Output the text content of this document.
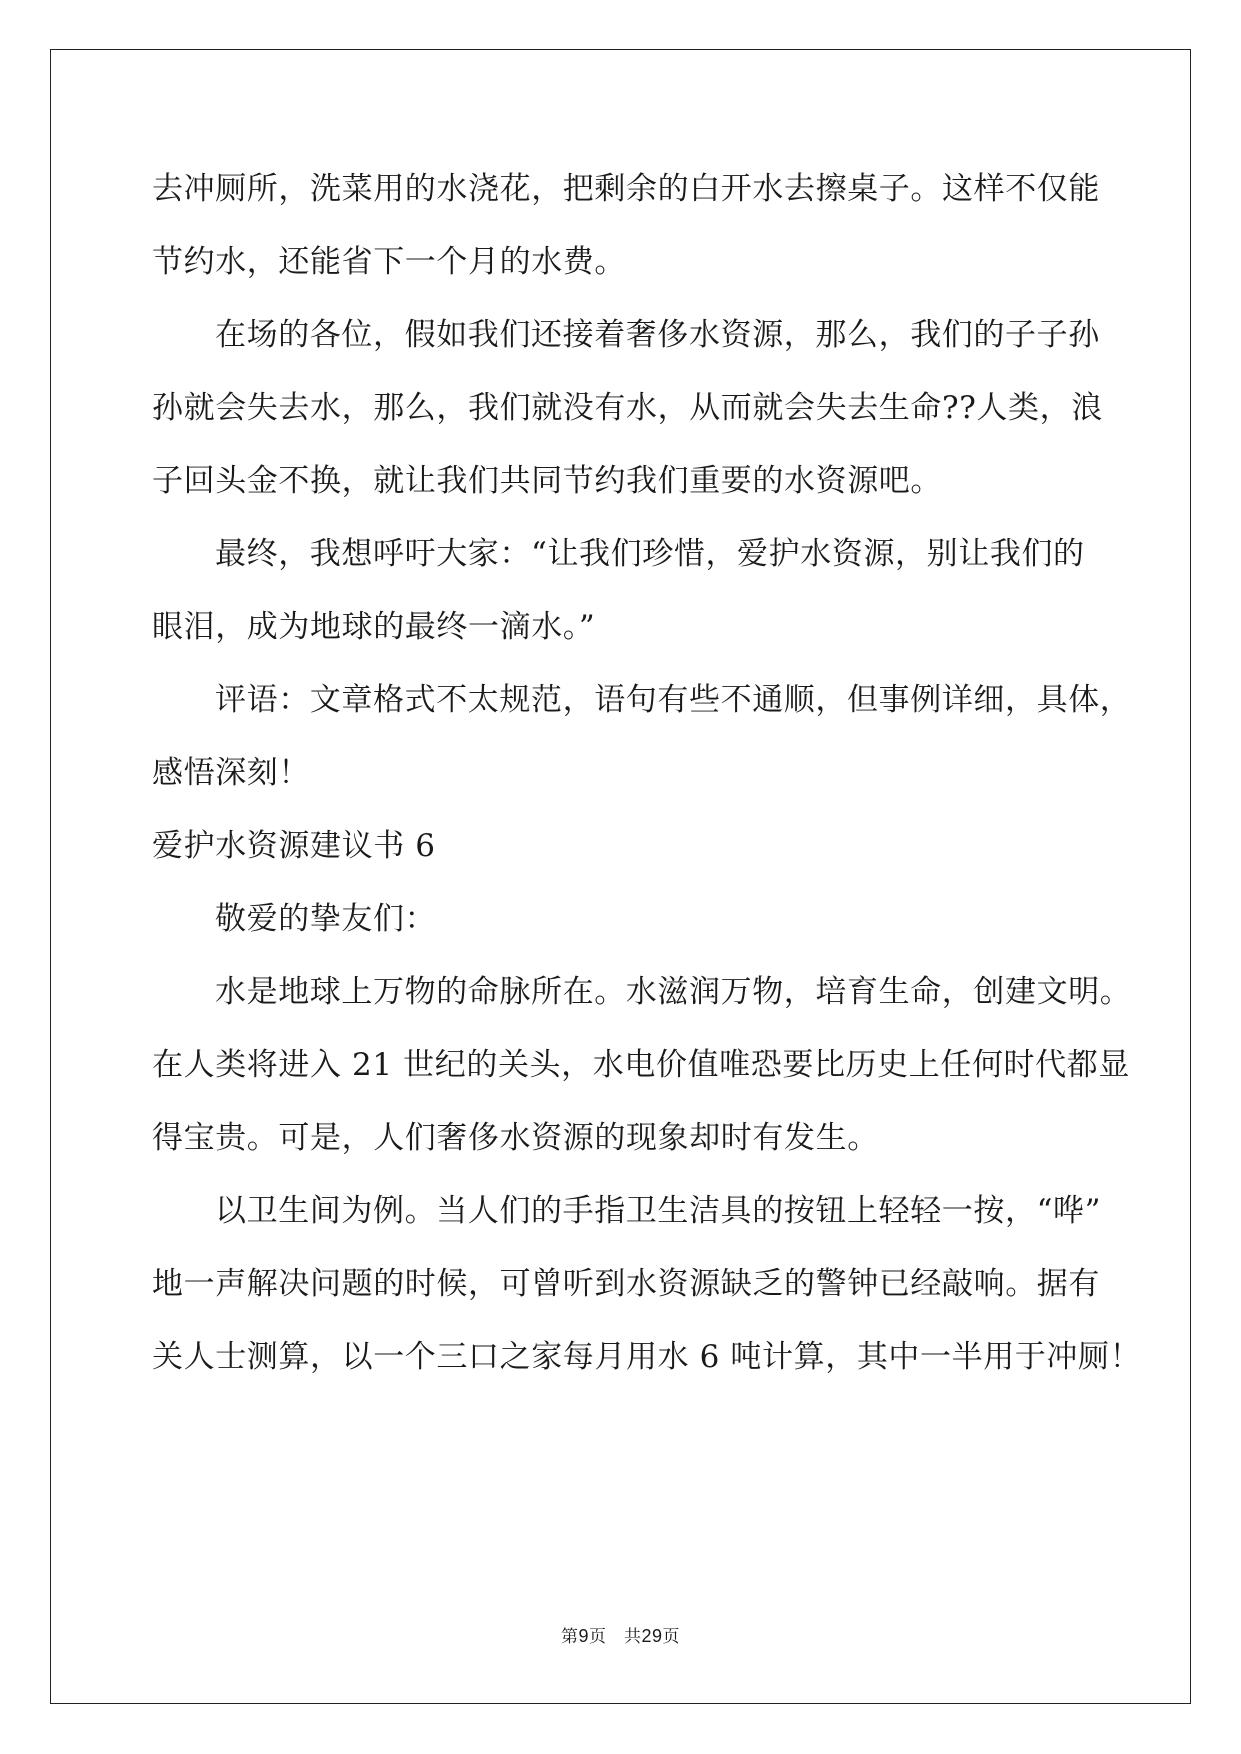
去冲厕所，洗菜用的水浇花，把剩余的白开水去擦桌子。这样不仅能
节约水，还能省下一个月的水费。
在场的各位，假如我们还接着奢侈水资源，那么，我们的子子孙
孙就会失去水，那么，我们就没有水，从而就会失去生命??人类，浪
子回头金不换，就让我们共同节约我们重要的水资源吧。
最终，我想呼吁大家：“让我们珍惜，爱护水资源，别让我们的
眼泪，成为地球的最终一滴水。”
评语：文章格式不太规范，语句有些不通顺，但事例详细，具体，
感悟深刻！
爱护水资源建议书 6
敬爱的挚友们：
水是地球上万物的命脉所在。水滋润万物，培育生命，创建文明。
在人类将进入 21 世纪的关头，水电价值唯恐要比历史上任何时代都显
得宝贵。可是，人们奢侈水资源的现象却时有发生。
以卫生间为例。当人们的手指卫生洁具的按钮上轻轻一按，“哗”
地一声解决问题的时候，可曾听到水资源缺乏的警钟已经敲响。据有
关人士测算，以一个三口之家每月用水 6 吨计算，其中一半用于冲厕！
第9页　共29页
